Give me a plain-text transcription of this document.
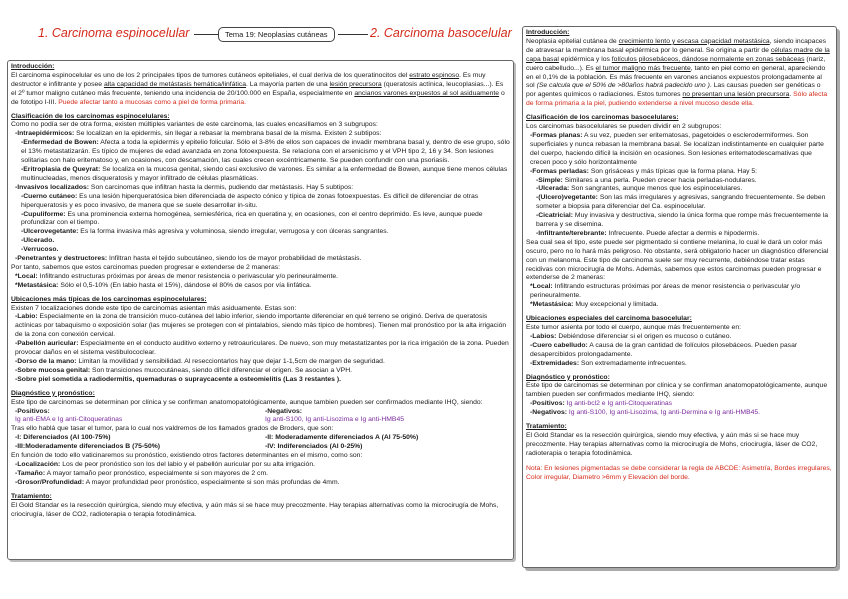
1. Carcinoma espinocelular	Tema 19: Neoplasias cutáneas	2. Carcinoma basocelular

Introducción:

El carcinoma espinocelular es uno de los 2 principales tipos de tumores cutáneos epiteliales, el cual deriva de los queratinocitos del estrato espinoso. Es muy destructor e infiltrante y posee alta capacidad de metástasis hemática/linfática. La mayoría parten de una lesión precursora (queratosis actínica, leucoplasias...). Es el 2º tumor maligno cutáneo más frecuente, teniendo una incidencia de 20/100.000 en España, especialmente en ancianos varones expuestos al sol asiduamente o de fototipo I-III. Puede afectar tanto a mucosas como a piel de forma primaria.

Clasificación de los carcinomas espinocelulares:

Como no podía ser de otra forma, existen múltiples variantes de este carcinoma, las cuales encasillamos en 3 subgrupos:

-Intraepidérmicos: Se localizan en la epidermis, sin llegar a rebasar la membrana basal de la misma. Existen 2 subtipos:

-Enfermedad de Bowen: Afecta a toda la epidermis y epitelio folicular. Sólo el 3-8% de ellos son capaces de invadir membrana basal y, dentro de ese grupo, sólo el 13% metastatizarán. Es típico de mujeres de edad avanzada en zona fotoexpuesta. Se relaciona con el arsenicismo y el VPH tipo 2, 16 y 34. Son lesiones solitarias con halo eritematoso y, en ocasiones, con descamación, las cuales crecen excéntricamente. Se pueden confundir con una psoriasis.

-Eritroplasia de Queyrat: Se localiza en la mucosa genital, siendo casi exclusivo de varones. Es similar a la enfermedad de Bowen, aunque tiene menos células multinucleadas, menos disqueratosis y mayor infiltrado de células plasmáticas.

-Invasivos localizados: Son carcinomas que infiltran hasta la dermis, pudiendo dar metástasis. Hay 5 subtipos:

-Cuerno cutáneo: Es una lesión hiperqueratósica bien diferenciada de aspecto cónico y típica de zonas fotoexpuestas. Es difícil de diferenciar de otras hiperqueratosis y es poco invasivo, de manera que se suele desarrollar in-situ.

-Cupuliforme: Es una prominencia externa homogénea, semiesférica, rica en queratina y, en ocasiones, con el centro deprimido. Es leve, aunque puede profundizar con el tiempo.

-Ulcerovegetante: Es la forma invasiva más agresiva y voluminosa, siendo irregular, verrugosa y con úlceras sangrantes.

-Ulcerado.

-Verrucoso.

-Penetrantes y destructores: Infiltran hasta el tejido subcutáneo, siendo los de mayor probabilidad de metástasis.

Por tanto, sabemos que estos carcinomas pueden progresar e extenderse de 2 maneras:

*Local: Infiltrando estructuras próximas por áreas de menor resistencia o perivascular y/o perineuralmente.

*Metastásica: Sólo el 0,5-10% (En labio hasta el 15%), dándose el 80% de casos por vía linfática.

Ubicaciones más típicas de los carcinomas espinocelulares:

Existen 7 localizaciones donde este tipo de carcinomas asientan más asiduamente. Estas son:

-Labio: Especialmente en la zona de transición muco-cutánea del labio inferior, siendo importante diferenciar en qué terreno se originó. Deriva de queratosis actínicas por tabaquismo o exposición solar (las mujeres se protegen con el pintalabios, siendo más típico de hombres). Tienen mal pronóstico por la alta irrigación de la zona con conexión cervical.

-Pabellón auricular: Especialmente en el conducto auditivo externo y retroauriculares. De nuevo, son muy metastatizantes por la rica irrigación de la zona. Pueden provocar daños en el sistema vestibulococlear.

-Dorso de la mano: Limitan la movilidad y sensibilidad. Al resecciontarlos hay que dejar 1-1,5cm de margen de seguridad.

-Sobre mucosa genital: Son transiciones mucocutáneas, siendo difícil diferenciar el origen. Se asocian a VPH.

-Sobre piel sometida a radiodermitis, quemaduras o supraycacente a osteomielitis (Las 3 restantes ).

Diagnóstico y pronóstico:

Este tipo de carcinomas se determinan por clínica y se confirman anatomopatológicamente, aunque tambien pueden ser confirmados mediante IHQ, siendo:

-Positivos:
Ig anti-EMA e Ig anti-Citoqueratinas
-Negativos:
Ig anti-S100, Ig anti-Lisozima e Ig anti-HMB45

Tras ello hablá que tasar el tumor, para lo cual nos valdremos de los llamados grados de Broders, que son:

-I: Diferenciados (Al 100-75%)	-II: Moderadamente diferenciados A (Al 75-50%)
-III:Moderadamente diferenciados B (75-50%)	-IV: Indiferenciados (Al 0-25%)

En función de todo ello vaticinaremos su pronóstico, existiendo otros factores determinantes en el mismo, como son:

-Localización: Los de peor pronóstico son los del labio y el pabellón auricular por su alta irrigación.

-Tamaño: A mayor tamaño peor pronóstico, especialmente si son mayores de 2 cm.

-Grosor/Profundidad: A mayor profundidad peor pronóstico, especialmente si son más profundas de 4mm.

Tratamiento:

El Gold Standar es la resección quirúrgica, siendo muy efectiva, y aún más si se hace muy precozmente. Hay terapias alternativas como la microcirugía de Mohs, criocirugía, láser de CO2, radioterapia o terapia fotodinámica.

Introducción:

Neoplasia epitelial cutánea de crecimiento lento y escasa capacidad metastásica, siendo incapaces de atravesar la membrana basal epidérmica por lo general. Se origina a partir de células madre de la capa basal epidérmica y los folículos pilosebáceos, dándose normalente en zonas sebáceas (nariz, cuero cabelludo...). Es el tumor maligno más frecuente, tanto en piel como en general, apareciendo en el 0,1% de la población. Es más frecuente en varones ancianos expuestos prolongadamente al sol (Se calcula que el 50% de >80años habrá padecido uno ). Las causas pueden ser genéticas o por agentes químicos o radiaciones. Estos tumores no presentan una lesión precursora. Sólo afecta de forma primaria a la piel, pudiendo extenderse a nivel mucoso desde ella.

Clasificación de los carcinomas basocelulares:

Los carcinomas basocelulares se pueden dividir en 2 subgrupos:

-Formas planas: A su vez, pueden ser eritematosas, pagetoides o esclerodermiformes. Son superficiales y nunca rebasan la membrana basal. Se localizan indistintamente en cualquier parte del cuerpo, haciendo difícil la incisión en ocasiones. Son lesiones eritematodescamativas que crecen poco y sólo horizontalmente

-Formas perladas: Son grisáceas y más típicas que la forma plana. Hay 5:

-Simple: Similares a una perla. Pueden crecer hacia perladas-nodulares.

-Ulcerada: Son sangrantes, aunque menos que los espinocelulares.

-(Ulcero)vegetante: Son las más irregulares y agresivas, sangrando frecuentemente. Se deben someter a biopsia para diferenciar del Ca. espinocelular.

-Cicatricial: Muy invasiva y destructiva, siendo la única forma que rompe más frecuentemente la barrera y se disemina.

-Infiltrante/terebrante: Infrecuente. Puede afectar a dermis e hipodermis.

Sea cual sea el tipo, este puede ser pigmentado si contiene melanina, lo cual le dará un color más oscuro, pero no lo hará más peligroso. No obstante, será obligatorio hacer un diagnóstico diferencial con un melanoma. Este tipo de carcinoma suele ser muy recurrente, debiéndose tratar estas recidivas con microcirugía de Mohs. Además, sabemos que estos carcinomas pueden progresar e extenderse de 2 maneras:

*Local: Infiltrando estructuras próximas por áreas de menor resistencia o perivascular y/o perineuralmente.

*Metastásica: Muy excepcional y limitada.

Ubicaciones especiales del carcinoma basocelular:

Este tumor asienta por todo el cuerpo, aunque más frecuentemente en:

-Labios: Debiéndose diferenciar si el origen es mucoso o cutáneo.

-Cuero cabelludo: A causa de la gran cantidad de folículos pilosebáceos. Pueden pasar desapercibidos prolongadamente.

-Extremidades: Son extremadamente infrecuentes.

Diagnóstico y pronóstico:

Este tipo de carcinomas se determinan por clínica y se confirman anatomopatológicamente, aunque tambien pueden ser confirmados mediante IHQ, siendo:

-Positivos: Ig anti-bcl2 e Ig anti-Citoqueratinas

-Negativos: Ig anti-S100, Ig anti-Lisozima, Ig anti-Dermina e Ig anti-HMB45.

Tratamiento:

El Gold Standar es la resección quirúrgica, siendo muy efectiva, y aún más si se hace muy precozmente. Hay terapias alternativas como la microcirugía de Mohs, criocirugía, láser de CO2, radioterapia o terapia fotodinámica.

Nota: En lesiones pigmentadas se debe considerar la regla de ABCDE: Asimetría, Bordes irregulares, Color irregular, Diametro >6mm y Elevación del borde.
